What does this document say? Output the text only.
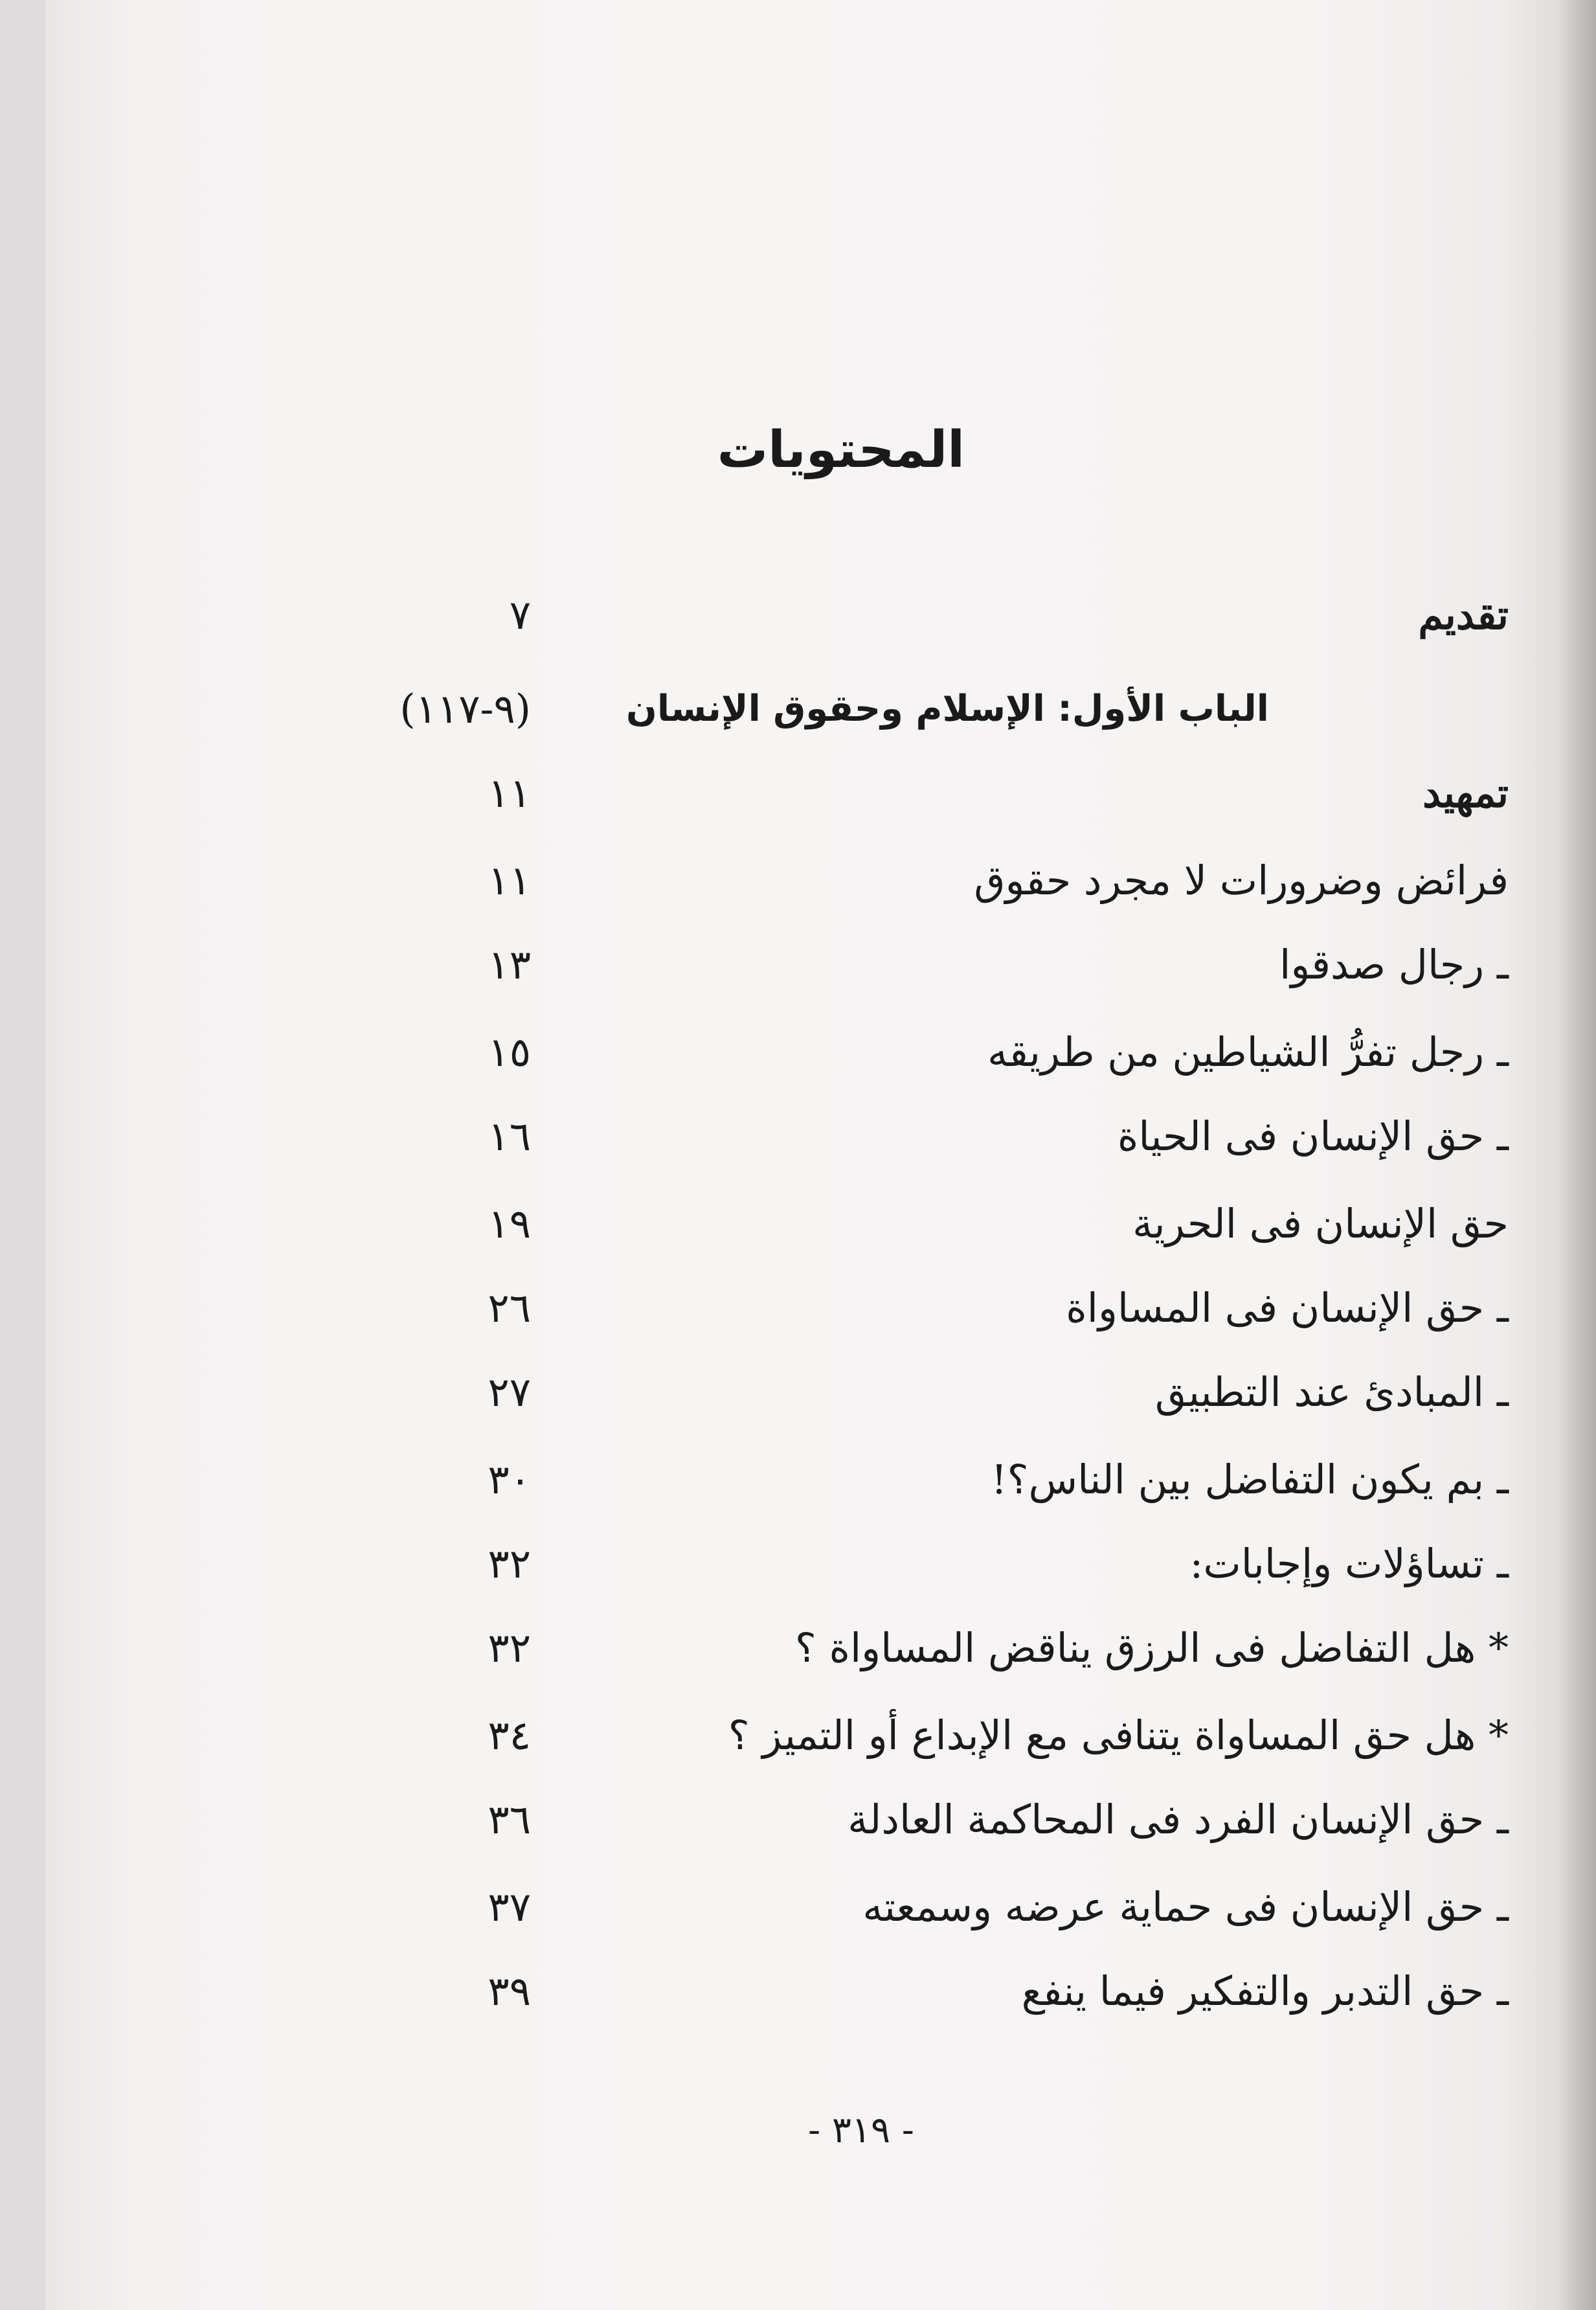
المحتويات
تقديم
٧
الباب الأول: الإسلام وحقوق الإنسان
(٩-١١٧)
تمهيد
١١
فرائض وضرورات لا مجرد حقوق
١١
ـ رجال صدقوا
١٣
ـ رجل تفرُّ الشياطين من طريقه
١٥
ـ حق الإنسان فى الحياة
١٦
حق الإنسان فى الحرية
١٩
ـ حق الإنسان فى المساواة
٢٦
ـ المبادئ عند التطبيق
٢٧
ـ بم يكون التفاضل بين الناس؟!
٣٠
ـ تساؤلات وإجابات:
٣٢
* هل التفاضل فى الرزق يناقض المساواة ؟
٣٢
* هل حق المساواة يتنافى مع الإبداع أو التميز ؟
٣٤
ـ حق الإنسان الفرد فى المحاكمة العادلة
٣٦
ـ حق الإنسان فى حماية عرضه وسمعته
٣٧
ـ حق التدبر والتفكير فيما ينفع
٣٩
- ٣١٩ -
